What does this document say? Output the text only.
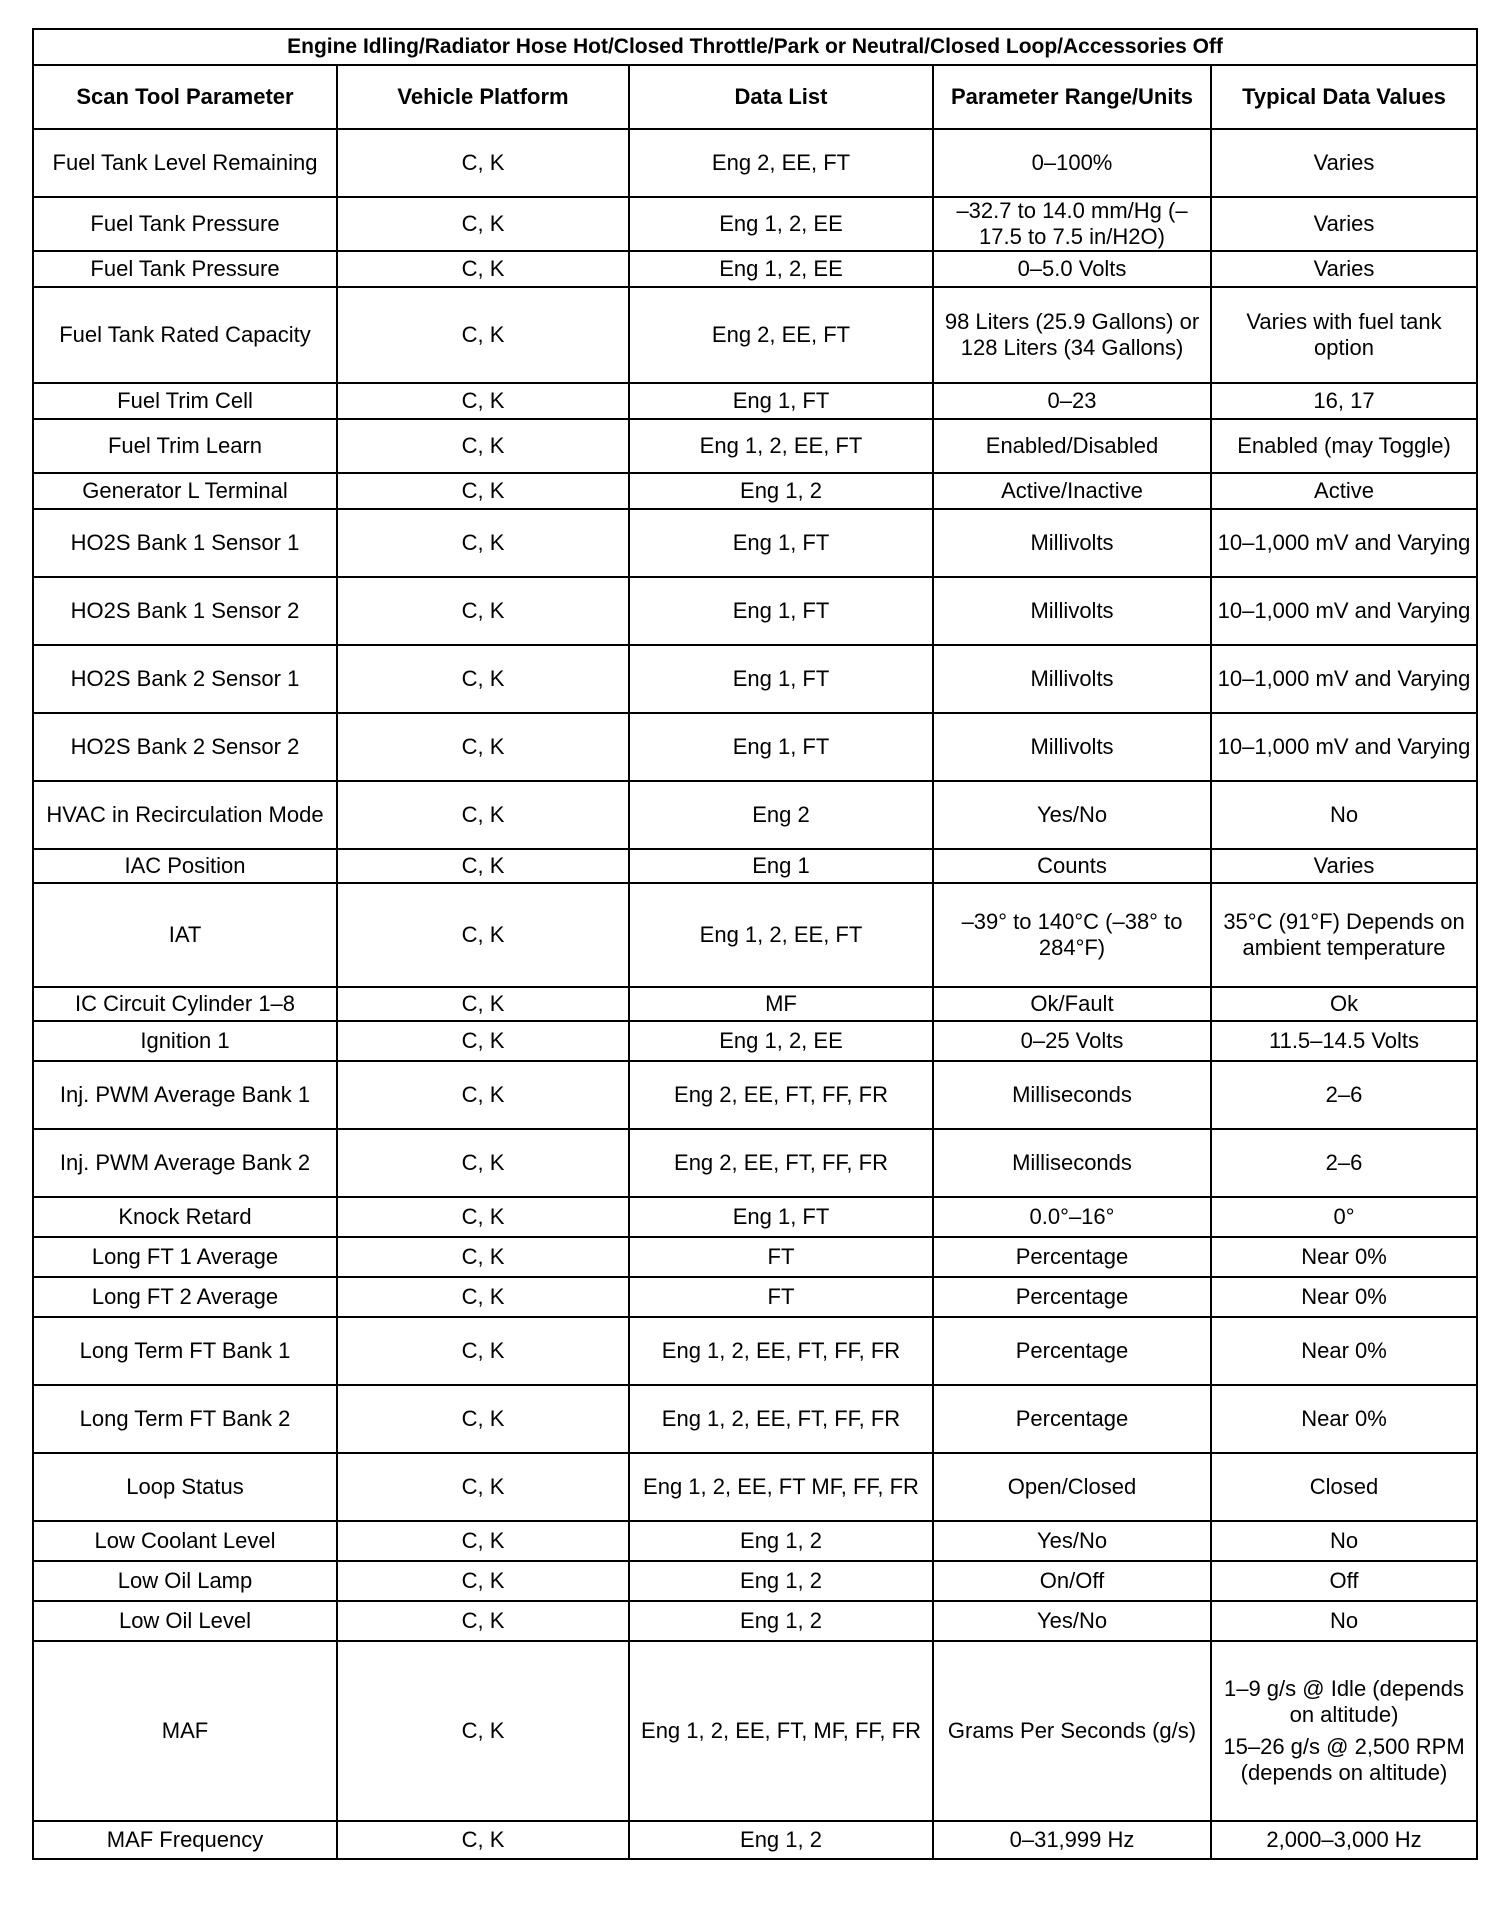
Engine Idling/Radiator Hose Hot/Closed Throttle/Park or Neutral/Closed Loop/Accessories Off				
Scan Tool Parameter	Vehicle Platform	Data List	Parameter Range/Units	Typical Data Values
Fuel Tank Level Remaining	C, K	Eng 2, EE, FT	0–100%	Varies
Fuel Tank Pressure	C, K	Eng 1, 2, EE	–32.7 to 14.0 mm/Hg (–17.5 to 7.5 in/H2O)	Varies
Fuel Tank Pressure	C, K	Eng 1, 2, EE	0–5.0 Volts	Varies
Fuel Tank Rated Capacity	C, K	Eng 2, EE, FT	98 Liters (25.9 Gallons) or 128 Liters (34 Gallons)	Varies with fuel tank option
Fuel Trim Cell	C, K	Eng 1, FT	0–23	16, 17
Fuel Trim Learn	C, K	Eng 1, 2, EE, FT	Enabled/Disabled	Enabled (may Toggle)
Generator L Terminal	C, K	Eng 1, 2	Active/Inactive	Active
HO2S Bank 1 Sensor 1	C, K	Eng 1, FT	Millivolts	10–1,000 mV and Varying
HO2S Bank 1 Sensor 2	C, K	Eng 1, FT	Millivolts	10–1,000 mV and Varying
HO2S Bank 2 Sensor 1	C, K	Eng 1, FT	Millivolts	10–1,000 mV and Varying
HO2S Bank 2 Sensor 2	C, K	Eng 1, FT	Millivolts	10–1,000 mV and Varying
HVAC in Recirculation Mode	C, K	Eng 2	Yes/No	No
IAC Position	C, K	Eng 1	Counts	Varies
IAT	C, K	Eng 1, 2, EE, FT	–39° to 140°C (–38° to 284°F)	35°C (91°F) Depends on ambient temperature
IC Circuit Cylinder 1–8	C, K	MF	Ok/Fault	Ok
Ignition 1	C, K	Eng 1, 2, EE	0–25 Volts	11.5–14.5 Volts
Inj. PWM Average Bank 1	C, K	Eng 2, EE, FT, FF, FR	Milliseconds	2–6
Inj. PWM Average Bank 2	C, K	Eng 2, EE, FT, FF, FR	Milliseconds	2–6
Knock Retard	C, K	Eng 1, FT	0.0°–16°	0°
Long FT 1 Average	C, K	FT	Percentage	Near 0%
Long FT 2 Average	C, K	FT	Percentage	Near 0%
Long Term FT Bank 1	C, K	Eng 1, 2, EE, FT, FF, FR	Percentage	Near 0%
Long Term FT Bank 2	C, K	Eng 1, 2, EE, FT, FF, FR	Percentage	Near 0%
Loop Status	C, K	Eng 1, 2, EE, FT MF, FF, FR	Open/Closed	Closed
Low Coolant Level	C, K	Eng 1, 2	Yes/No	No
Low Oil Lamp	C, K	Eng 1, 2	On/Off	Off
Low Oil Level	C, K	Eng 1, 2	Yes/No	No
MAF	C, K	Eng 1, 2, EE, FT, MF, FF, FR	Grams Per Seconds (g/s)	1–9 g/s @ Idle (depends on altitude)
15–26 g/s @ 2,500 RPM (depends on altitude)

MAF Frequency	C, K	Eng 1, 2	0–31,999 Hz	2,000–3,000 Hz
